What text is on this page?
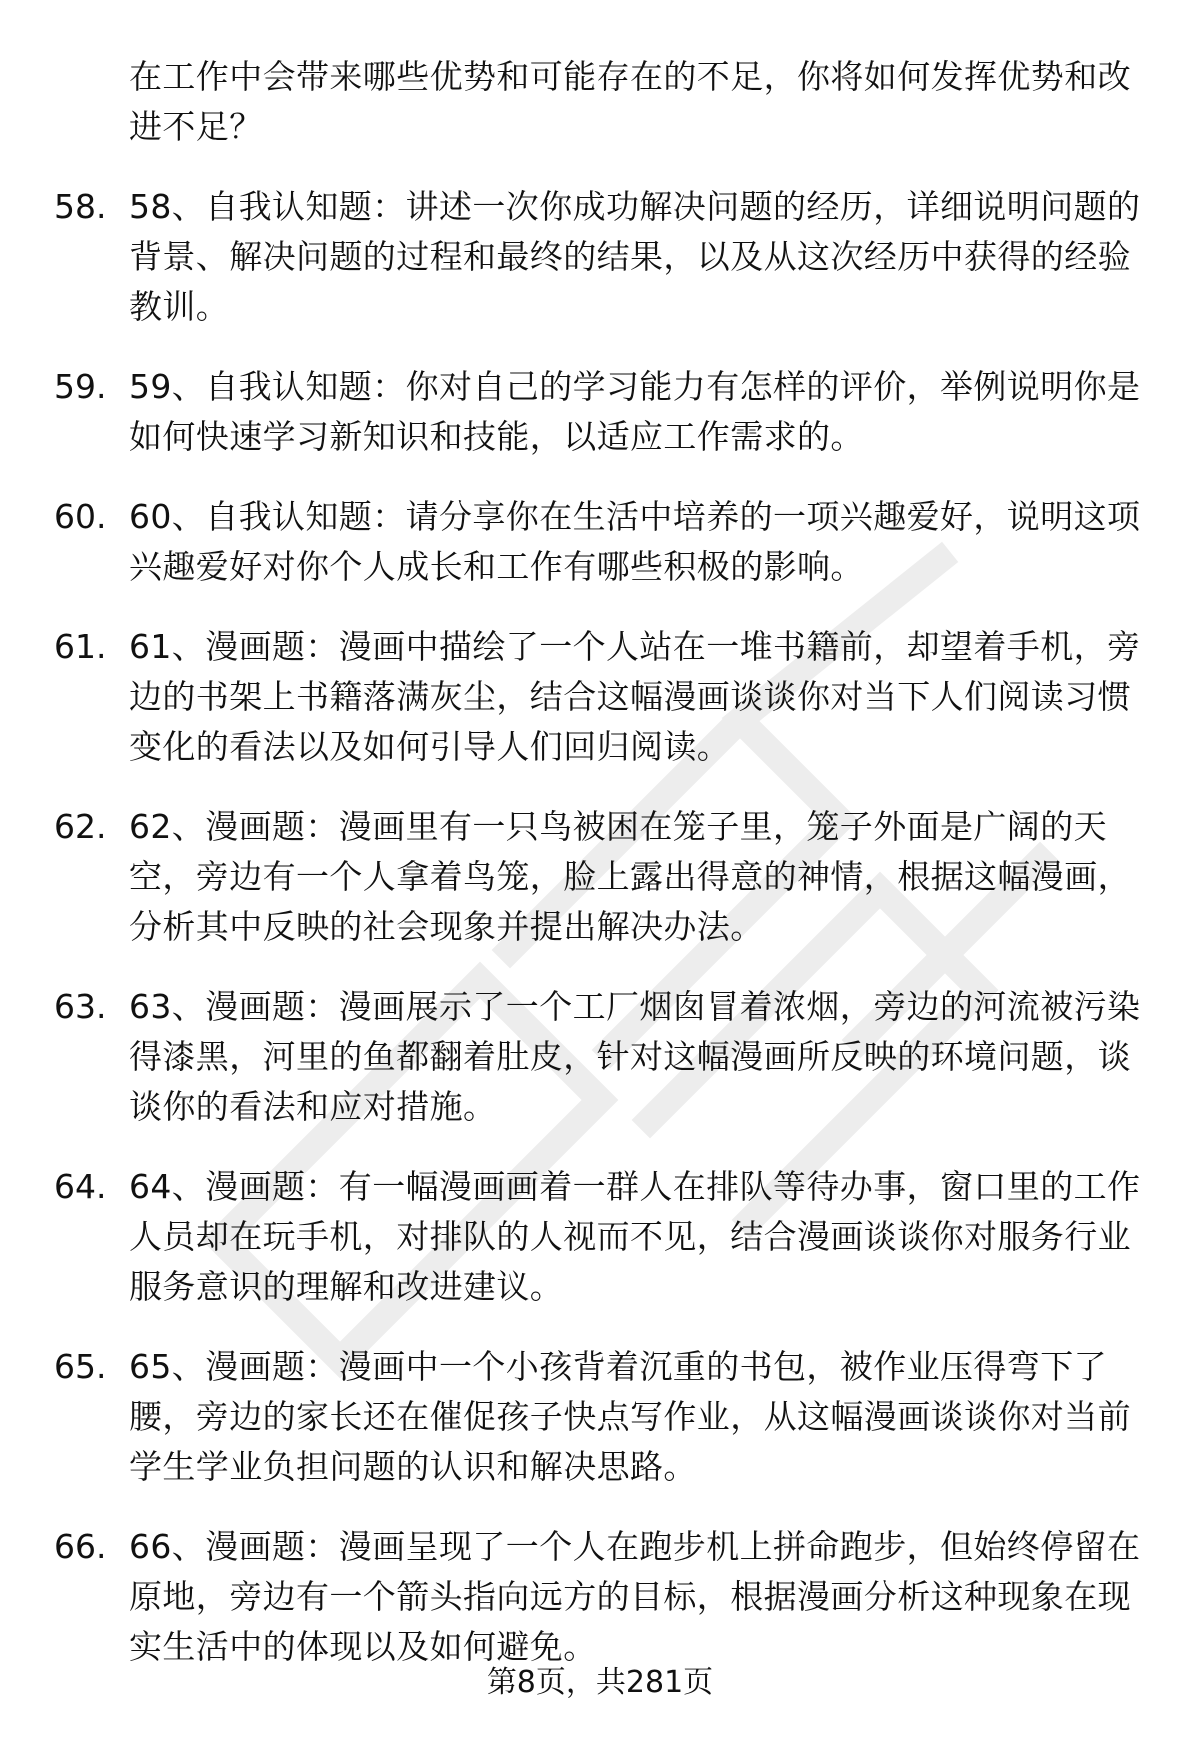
在工作中会带来哪些优势和可能存在的不足，你将如何发挥优势和改进不足？
58. 58、自我认知题：讲述一次你成功解决问题的经历，详细说明问题的背景、解决问题的过程和最终的结果，以及从这次经历中获得的经验教训。
59. 59、自我认知题：你对自己的学习能力有怎样的评价，举例说明你是如何快速学习新知识和技能，以适应工作需求的。
60. 60、自我认知题：请分享你在生活中培养的一项兴趣爱好，说明这项兴趣爱好对你个人成长和工作有哪些积极的影响。
61. 61、漫画题：漫画中描绘了一个人站在一堆书籍前，却望着手机，旁边的书架上书籍落满灰尘，结合这幅漫画谈谈你对当下人们阅读习惯变化的看法以及如何引导人们回归阅读。
62. 62、漫画题：漫画里有一只鸟被困在笼子里，笼子外面是广阔的天空，旁边有一个人拿着鸟笼，脸上露出得意的神情，根据这幅漫画，分析其中反映的社会现象并提出解决办法。
63. 63、漫画题：漫画展示了一个工厂烟囱冒着浓烟，旁边的河流被污染得漆黑，河里的鱼都翻着肚皮，针对这幅漫画所反映的环境问题，谈谈你的看法和应对措施。
64. 64、漫画题：有一幅漫画画着一群人在排队等待办事，窗口里的工作人员却在玩手机，对排队的人视而不见，结合漫画谈谈你对服务行业服务意识的理解和改进建议。
65. 65、漫画题：漫画中一个小孩背着沉重的书包，被作业压得弯下了腰，旁边的家长还在催促孩子快点写作业，从这幅漫画谈谈你对当前学生学业负担问题的认识和解决思路。
66. 66、漫画题：漫画呈现了一个人在跑步机上拼命跑步，但始终停留在原地，旁边有一个箭头指向远方的目标，根据漫画分析这种现象在现实生活中的体现以及如何避免。
第8页，共281页
